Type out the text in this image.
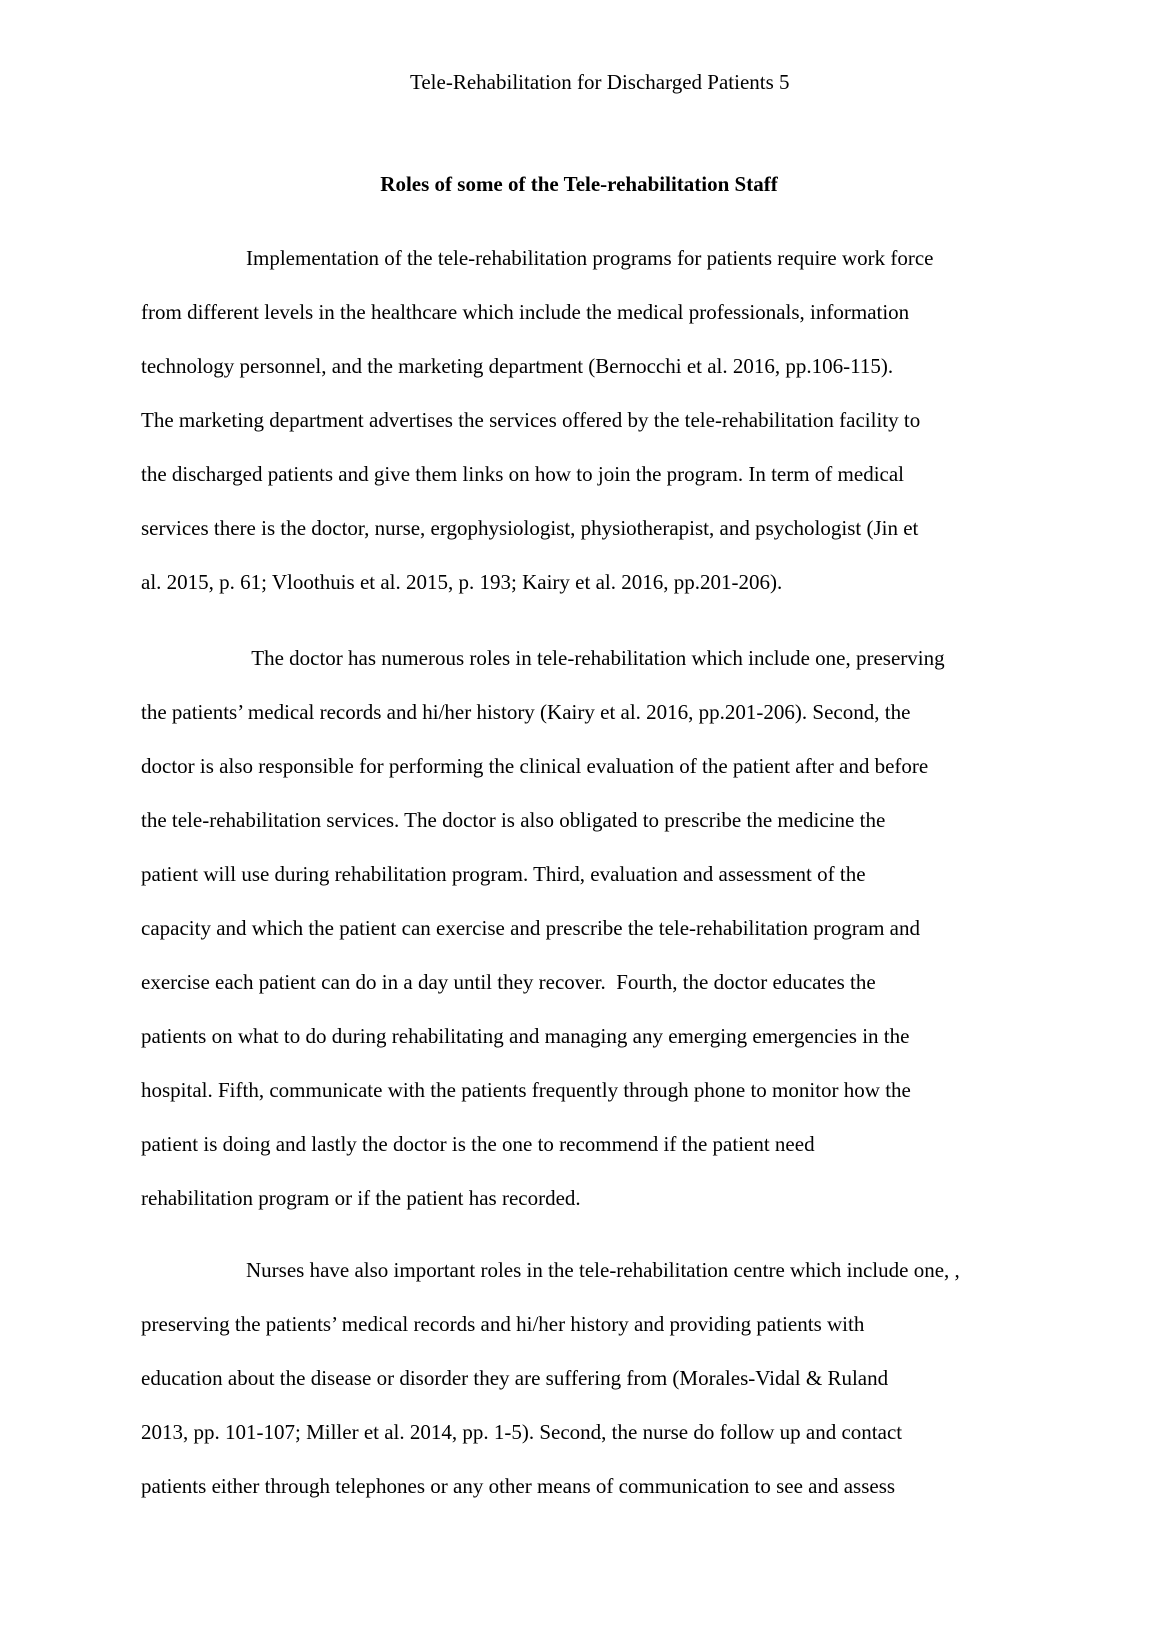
Tele-Rehabilitation for Discharged Patients 5
Roles of some of the Tele-rehabilitation Staff
Implementation of the tele-rehabilitation programs for patients require work force
from different levels in the healthcare which include the medical professionals, information
technology personnel, and the marketing department (Bernocchi et al. 2016, pp.106-115).
The marketing department advertises the services offered by the tele-rehabilitation facility to
the discharged patients and give them links on how to join the program. In term of medical
services there is the doctor, nurse, ergophysiologist, physiotherapist, and psychologist (Jin et
al. 2015, p. 61; Vloothuis et al. 2015, p. 193; Kairy et al. 2016, pp.201-206).
The doctor has numerous roles in tele-rehabilitation which include one, preserving
the patients’ medical records and hi/her history (Kairy et al. 2016, pp.201-206). Second, the
doctor is also responsible for performing the clinical evaluation of the patient after and before
the tele-rehabilitation services. The doctor is also obligated to prescribe the medicine the
patient will use during rehabilitation program. Third, evaluation and assessment of the
capacity and which the patient can exercise and prescribe the tele-rehabilitation program and
exercise each patient can do in a day until they recover.  Fourth, the doctor educates the
patients on what to do during rehabilitating and managing any emerging emergencies in the
hospital. Fifth, communicate with the patients frequently through phone to monitor how the
patient is doing and lastly the doctor is the one to recommend if the patient need
rehabilitation program or if the patient has recorded.
Nurses have also important roles in the tele-rehabilitation centre which include one, ,
preserving the patients’ medical records and hi/her history and providing patients with
education about the disease or disorder they are suffering from (Morales-Vidal & Ruland
2013, pp. 101-107; Miller et al. 2014, pp. 1-5). Second, the nurse do follow up and contact
patients either through telephones or any other means of communication to see and assess
